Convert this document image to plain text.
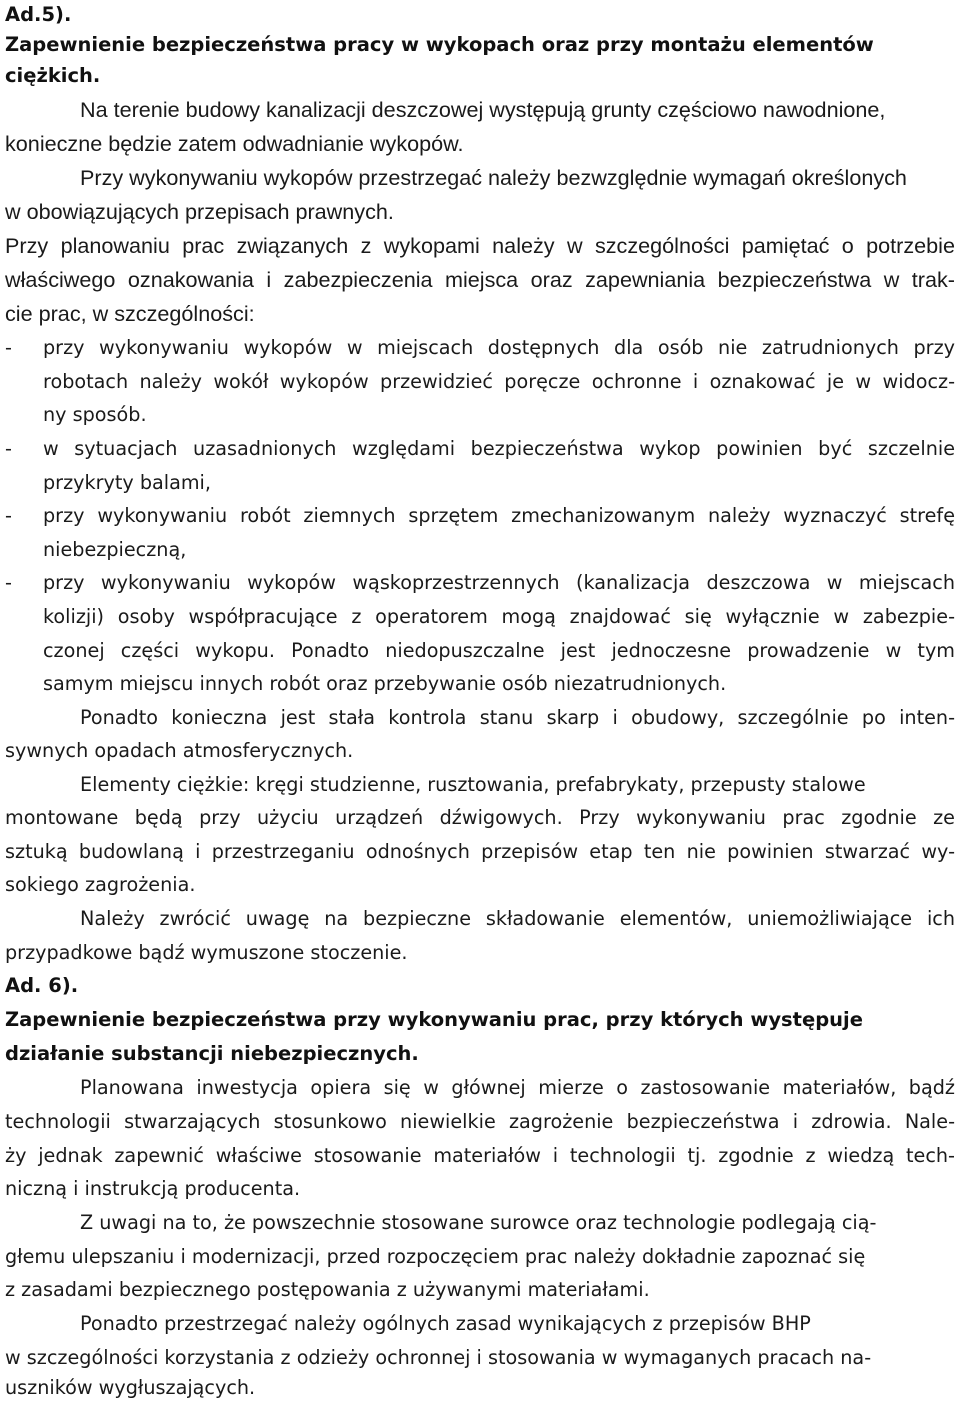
Ad.5).
Zapewnienie bezpieczeństwa pracy w wykopach oraz przy montażu elementów
ciężkich.
Na terenie budowy kanalizacji deszczowej występują grunty częściowo nawodnione,
konieczne będzie zatem odwadnianie wykopów.
Przy wykonywaniu wykopów przestrzegać należy bezwzględnie wymagań określonych
w obowiązujących przepisach prawnych.
Przy planowaniu prac związanych z wykopami należy w szczególności pamiętać o potrzebie
właściwego oznakowania i zabezpieczenia miejsca oraz zapewniania bezpieczeństwa w trak-
cie prac, w szczególności:
- przy wykonywaniu wykopów w miejscach dostępnych dla osób nie zatrudnionych przy
robotach należy wokół wykopów przewidzieć poręcze ochronne i oznakować je w widocz-
ny sposób.
- w sytuacjach uzasadnionych względami bezpieczeństwa wykop powinien być szczelnie
przykryty balami,
- przy wykonywaniu robót ziemnych sprzętem zmechanizowanym należy wyznaczyć strefę
niebezpieczną,
- przy wykonywaniu wykopów wąskoprzestrzennych (kanalizacja deszczowa w miejscach
kolizji) osoby współpracujące z operatorem mogą znajdować się wyłącznie w zabezpie-
czonej części wykopu. Ponadto niedopuszczalne jest jednoczesne prowadzenie w tym
samym miejscu innych robót oraz przebywanie osób niezatrudnionych.
Ponadto konieczna jest stała kontrola stanu skarp i obudowy, szczególnie po inten-
sywnych opadach atmosferycznych.
Elementy ciężkie: kręgi studzienne, rusztowania, prefabrykaty, przepusty stalowe
montowane będą przy użyciu urządzeń dźwigowych. Przy wykonywaniu prac zgodnie ze
sztuką budowlaną i przestrzeganiu odnośnych przepisów etap ten nie powinien stwarzać wy-
sokiego zagrożenia.
Należy zwrócić uwagę na bezpieczne składowanie elementów, uniemożliwiające ich
przypadkowe bądź wymuszone stoczenie.
Ad. 6).
Zapewnienie bezpieczeństwa przy wykonywaniu prac, przy których występuje
działanie substancji niebezpiecznych.
Planowana inwestycja opiera się w głównej mierze o zastosowanie materiałów, bądź
technologii stwarzających stosunkowo niewielkie zagrożenie bezpieczeństwa i zdrowia. Nale-
ży jednak zapewnić właściwe stosowanie materiałów i technologii tj. zgodnie z wiedzą tech-
niczną i instrukcją producenta.
Z uwagi na to, że powszechnie stosowane surowce oraz technologie podlegają cią-
głemu ulepszaniu i modernizacji, przed rozpoczęciem prac należy dokładnie zapoznać się
z zasadami bezpiecznego postępowania z używanymi materiałami.
Ponadto przestrzegać należy ogólnych zasad wynikających z przepisów BHP
w szczególności korzystania z odzieży ochronnej i stosowania w wymaganych pracach na-
uszników wygłuszających.
